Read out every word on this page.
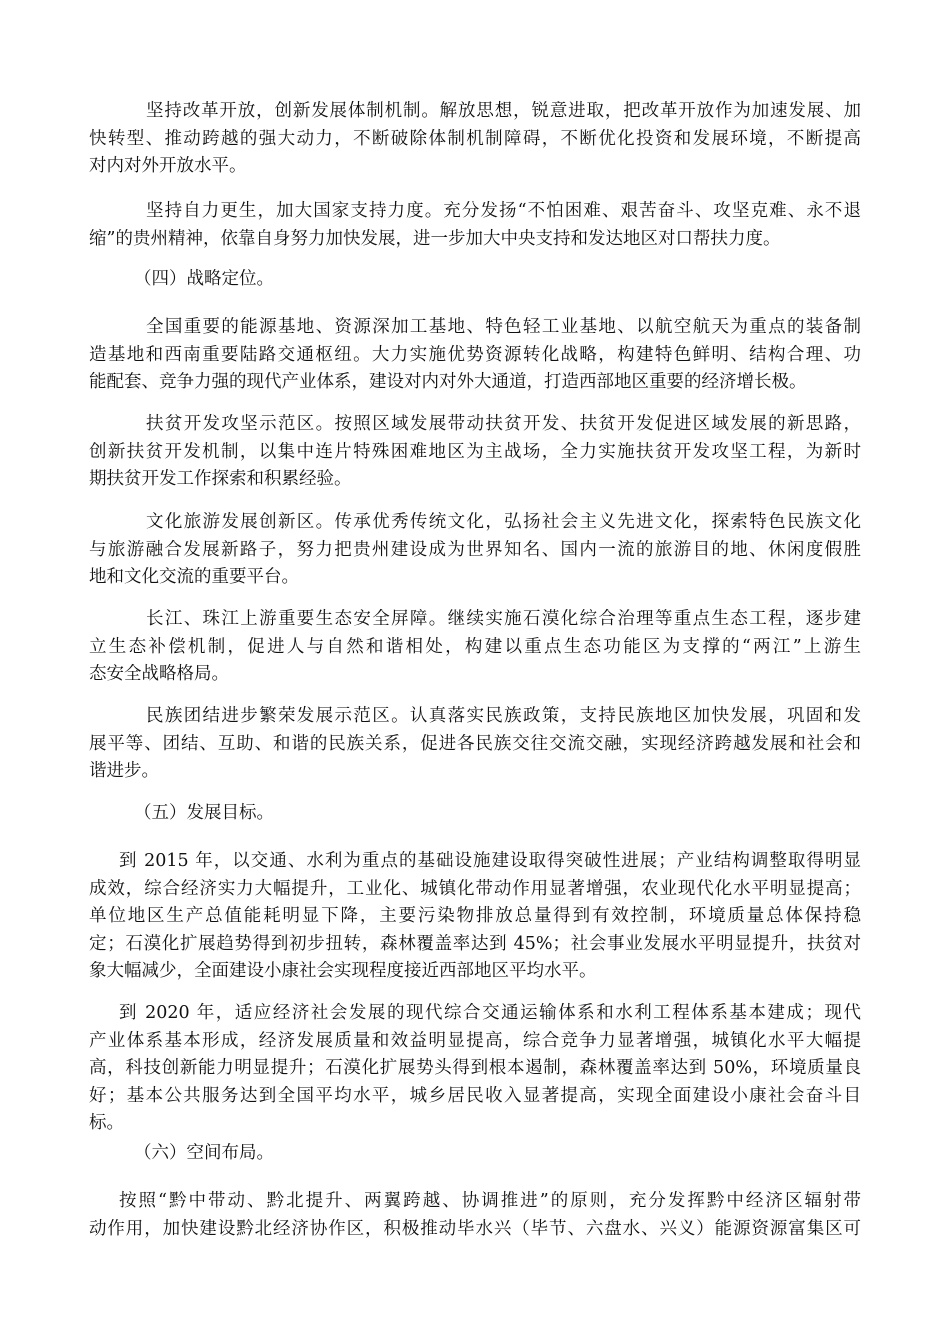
坚持改革开放，创新发展体制机制。解放思想，锐意进取，把改革开放作为加速发展、加
快转型、推动跨越的强大动力，不断破除体制机制障碍，不断优化投资和发展环境，不断提高
对内对外开放水平。
坚持自力更生，加大国家支持力度。充分发扬“不怕困难、艰苦奋斗、攻坚克难、永不退
缩”的贵州精神，依靠自身努力加快发展，进一步加大中央支持和发达地区对口帮扶力度。
（四）战略定位。
全国重要的能源基地、资源深加工基地、特色轻工业基地、以航空航天为重点的装备制
造基地和西南重要陆路交通枢纽。大力实施优势资源转化战略，构建特色鲜明、结构合理、功
能配套、竞争力强的现代产业体系，建设对内对外大通道，打造西部地区重要的经济增长极。
扶贫开发攻坚示范区。按照区域发展带动扶贫开发、扶贫开发促进区域发展的新思路，
创新扶贫开发机制，以集中连片特殊困难地区为主战场，全力实施扶贫开发攻坚工程，为新时
期扶贫开发工作探索和积累经验。
文化旅游发展创新区。传承优秀传统文化，弘扬社会主义先进文化，探索特色民族文化
与旅游融合发展新路子，努力把贵州建设成为世界知名、国内一流的旅游目的地、休闲度假胜
地和文化交流的重要平台。
长江、珠江上游重要生态安全屏障。继续实施石漠化综合治理等重点生态工程，逐步建
立生态补偿机制，促进人与自然和谐相处，构建以重点生态功能区为支撑的“两江”上游生
态安全战略格局。
民族团结进步繁荣发展示范区。认真落实民族政策，支持民族地区加快发展，巩固和发
展平等、团结、互助、和谐的民族关系，促进各民族交往交流交融，实现经济跨越发展和社会和
谐进步。
（五）发展目标。
到 2015 年，以交通、水利为重点的基础设施建设取得突破性进展；产业结构调整取得明显
成效，综合经济实力大幅提升，工业化、城镇化带动作用显著增强，农业现代化水平明显提高；
单位地区生产总值能耗明显下降，主要污染物排放总量得到有效控制，环境质量总体保持稳
定；石漠化扩展趋势得到初步扭转，森林覆盖率达到 45%；社会事业发展水平明显提升，扶贫对
象大幅减少，全面建设小康社会实现程度接近西部地区平均水平。
到 2020 年，适应经济社会发展的现代综合交通运输体系和水利工程体系基本建成；现代
产业体系基本形成，经济发展质量和效益明显提高，综合竞争力显著增强，城镇化水平大幅提
高，科技创新能力明显提升；石漠化扩展势头得到根本遏制，森林覆盖率达到 50%，环境质量良
好；基本公共服务达到全国平均水平，城乡居民收入显著提高，实现全面建设小康社会奋斗目
标。
（六）空间布局。
按照“黔中带动、黔北提升、两翼跨越、协调推进”的原则，充分发挥黔中经济区辐射带
动作用，加快建设黔北经济协作区，积极推动毕水兴（毕节、六盘水、兴义）能源资源富集区可
